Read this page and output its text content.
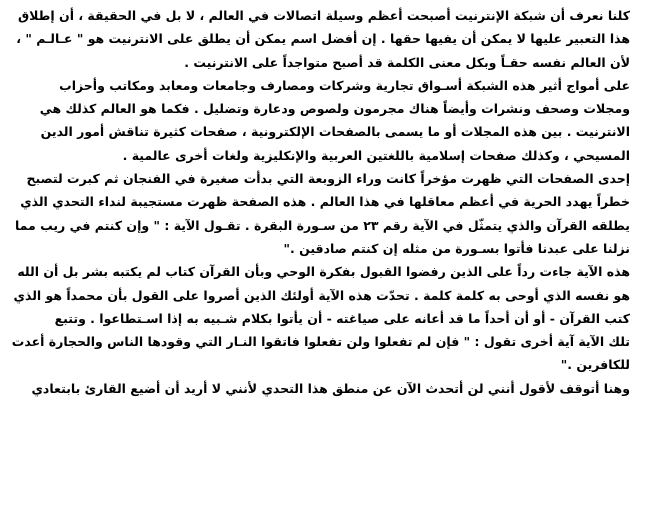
كلنا نعرف أن شبكة الإنترنيت أصبحت أعظم وسيلة اتصالات في العالم ، لا بل في الحقيقة ، أن إطلاق
هذا التعبير عليها لا يمكن أن يفيها حقها . إن أفضل اسم يمكن أن يطلق على الانترنيت هو " عـالـم " ،
لأن العالم نفسه حقـاً وبكل معنى الكلمة قد أصبح متواجداً على الانترنيت .
على أمواج أثير هذه الشبكة أسـواق تجارية وشركات ومصارف وجامعات ومعابد ومكاتب وأحزاب
ومجلات وصحف ونشرات وأيضاً هناك مجرمون ولصوص ودعارة وتضليل . فكما هو العالم كذلك هي
الانترنيت . بين هذه المجلات أو ما يسمى بالصفحات الإلكترونية ، صفحات كثيرة تناقش أمور الدين
المسيحي ، وكذلك صفحات إسلامية باللغتين العربية والإنكليزية ولغات أخرى عالمية .
إحدى الصفحات التي ظهرت مؤخراً كانت وراء الزوبعة التي بدأت صغيرة في الفنجان ثم كبرت لتصبح
خطراً يهدد الحرية في أعظم معاقلها في هذا العالم . هذه الصفحة ظهرت مستجيبة لنداء التحدي الذي
يطلقه القرآن والذي يتمثّل في الآية رقم ٢٣ من سـورة البقرة . تقـول الآية : " وإن كنتم في ريب مما
نزلنا على عبدنا فأتوا بسـورة من مثله إن كنتم صادقين ."
هذه الآية جاءت رداً على الذين رفضوا القبول بفكرة الوحي وبأن القرآن كتاب لم يكتبه بشر بل أن الله
هو نفسه الذي أوحى به كلمة كلمة . تحدّت هذه الآية أولئك الذين أصروا على القول بأن محمداً هو الذي
كتب القرآن - أو أن أحداً ما قد أعانه على صياغته - أن يأتوا بكلام شـبيه به إذا اسـتطاعوا . وتتبع
تلك الآية آية أخرى تقول : " فإن لم تفعلوا ولن تفعلوا فاتقوا النـار التي وقودها الناس والحجارة أعدت
للكافرين ."
وهنا أتوقف لأقول أنني لن أتحدث الآن عن منطق هذا التحدي لأنني لا أريد أن أضيع القارئ بابتعادي
